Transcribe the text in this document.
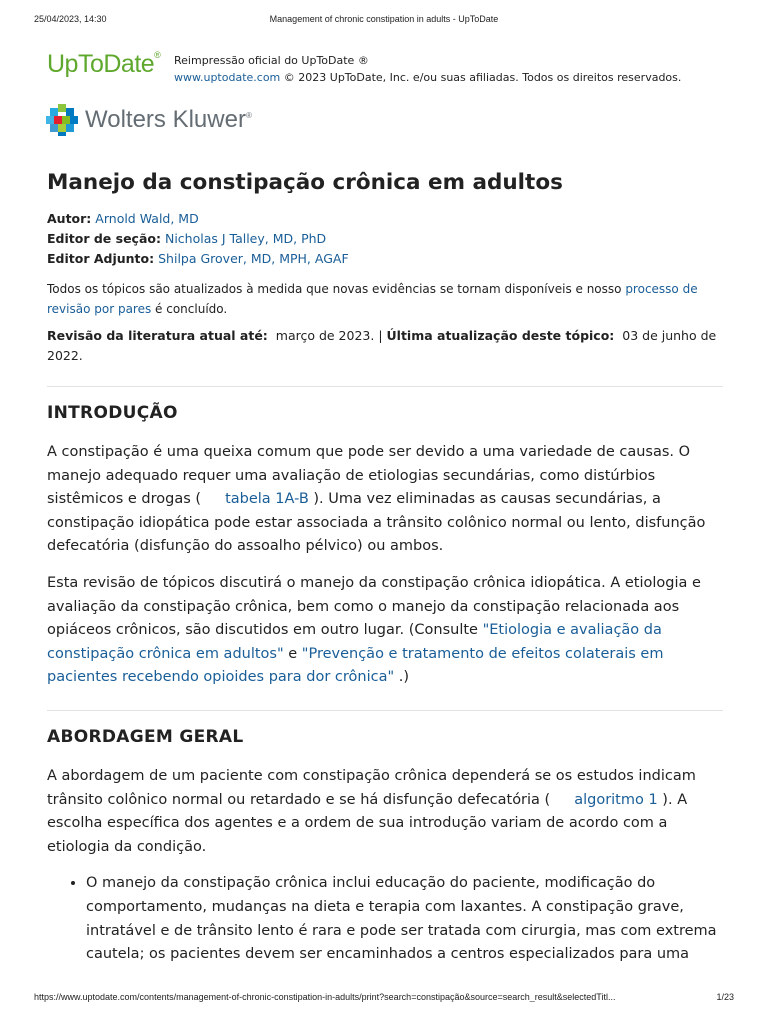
25/04/2023, 14:30	Management of chronic constipation in adults - UpToDate
UpToDate® Reimpressão oficial do UpToDate ®
www.uptodate.com © 2023 UpToDate, Inc. e/ou suas afiliadas. Todos os direitos reservados.
Wolters Kluwer®
Manejo da constipação crônica em adultos
Autor: Arnold Wald, MD
Editor de seção: Nicholas J Talley, MD, PhD
Editor Adjunto: Shilpa Grover, MD, MPH, AGAF
Todos os tópicos são atualizados à medida que novas evidências se tornam disponíveis e nosso processo de revisão por pares é concluído.
Revisão da literatura atual até: março de 2023. | Última atualização deste tópico: 03 de junho de 2022.
INTRODUÇÃO

A constipação é uma queixa comum que pode ser devido a uma variedade de causas. O manejo adequado requer uma avaliação de etiologias secundárias, como distúrbios sistêmicos e drogas ( tabela 1A-B ). Uma vez eliminadas as causas secundárias, a constipação idiopática pode estar associada a trânsito colônico normal ou lento, disfunção defecatória (disfunção do assoalho pélvico) ou ambos.

Esta revisão de tópicos discutirá o manejo da constipação crônica idiopática. A etiologia e avaliação da constipação crônica, bem como o manejo da constipação relacionada aos opiáceos crônicos, são discutidos em outro lugar. (Consulte "Etiologia e avaliação da constipação crônica em adultos" e "Prevenção e tratamento de efeitos colaterais em pacientes recebendo opioides para dor crônica" .)

ABORDAGEM GERAL

A abordagem de um paciente com constipação crônica dependerá se os estudos indicam trânsito colônico normal ou retardado e se há disfunção defecatória ( algoritmo 1 ). A escolha específica dos agentes e a ordem de sua introdução variam de acordo com a etiologia da condição.

• O manejo da constipação crônica inclui educação do paciente, modificação do comportamento, mudanças na dieta e terapia com laxantes. A constipação grave, intratável e de trânsito lento é rara e pode ser tratada com cirurgia, mas com extrema cautela; os pacientes devem ser encaminhados a centros especializados para uma
https://www.uptodate.com/contents/management-of-chronic-constipation-in-adults/print?search=constipação&source=search_result&selectedTitl...	1/23
